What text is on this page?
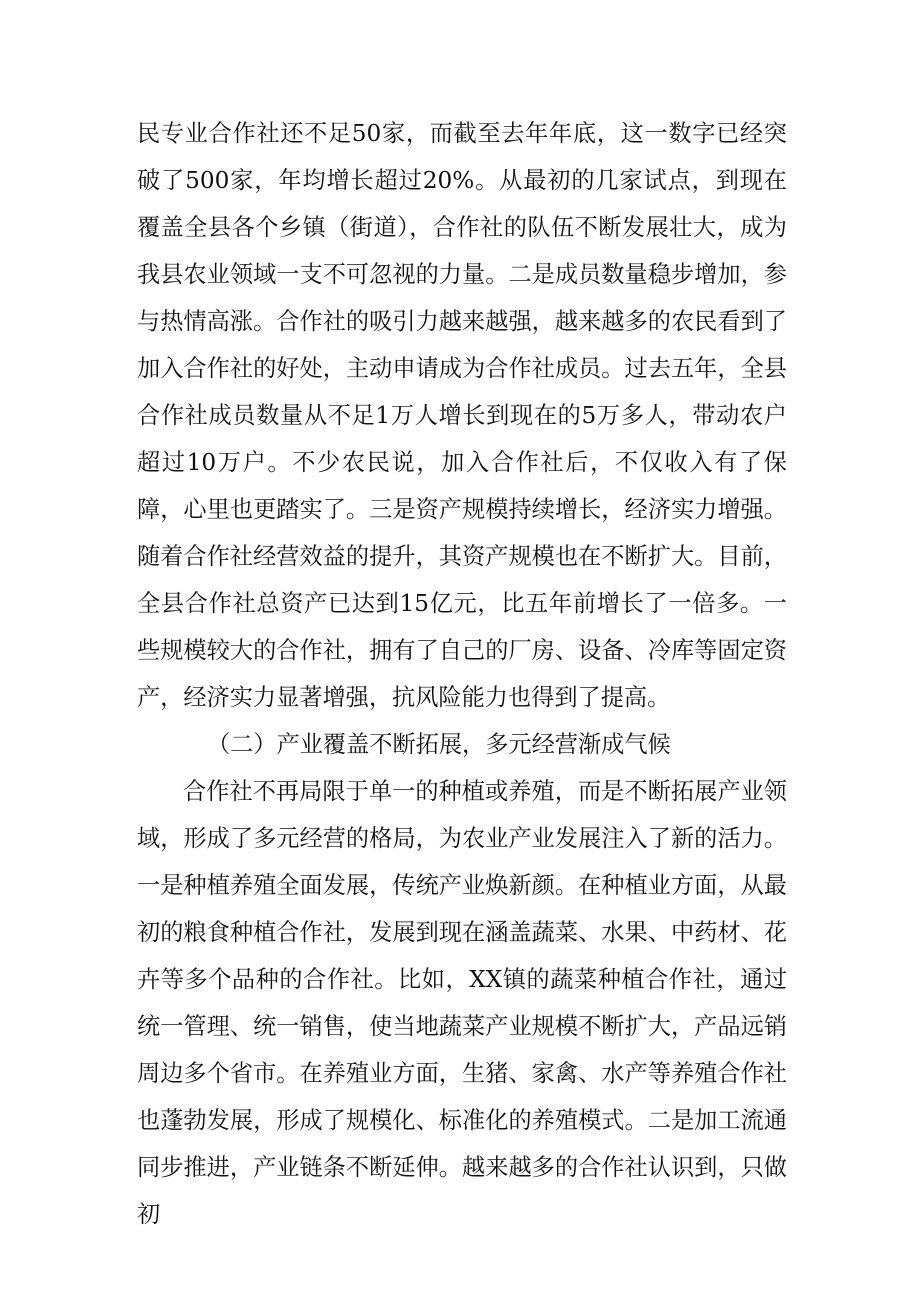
民专业合作社还不足50家，而截至去年年底，这一数字已经突破了500家，年均增长超过20%。从最初的几家试点，到现在覆盖全县各个乡镇（街道），合作社的队伍不断发展壮大，成为我县农业领域一支不可忽视的力量。二是成员数量稳步增加，参与热情高涨。合作社的吸引力越来越强，越来越多的农民看到了加入合作社的好处，主动申请成为合作社成员。过去五年，全县合作社成员数量从不足1万人增长到现在的5万多人，带动农户超过10万户。不少农民说，加入合作社后，不仅收入有了保障，心里也更踏实了。三是资产规模持续增长，经济实力增强。随着合作社经营效益的提升，其资产规模也在不断扩大。目前，全县合作社总资产已达到15亿元，比五年前增长了一倍多。一些规模较大的合作社，拥有了自己的厂房、设备、冷库等固定资产，经济实力显著增强，抗风险能力也得到了提高。

（二）产业覆盖不断拓展，多元经营渐成气候

合作社不再局限于单一的种植或养殖，而是不断拓展产业领域，形成了多元经营的格局，为农业产业发展注入了新的活力。一是种植养殖全面发展，传统产业焕新颜。在种植业方面，从最初的粮食种植合作社，发展到现在涵盖蔬菜、水果、中药材、花卉等多个品种的合作社。比如，XX镇的蔬菜种植合作社，通过统一管理、统一销售，使当地蔬菜产业规模不断扩大，产品远销周边多个省市。在养殖业方面，生猪、家禽、水产等养殖合作社也蓬勃发展，形成了规模化、标准化的养殖模式。二是加工流通同步推进，产业链条不断延伸。越来越多的合作社认识到，只做初
